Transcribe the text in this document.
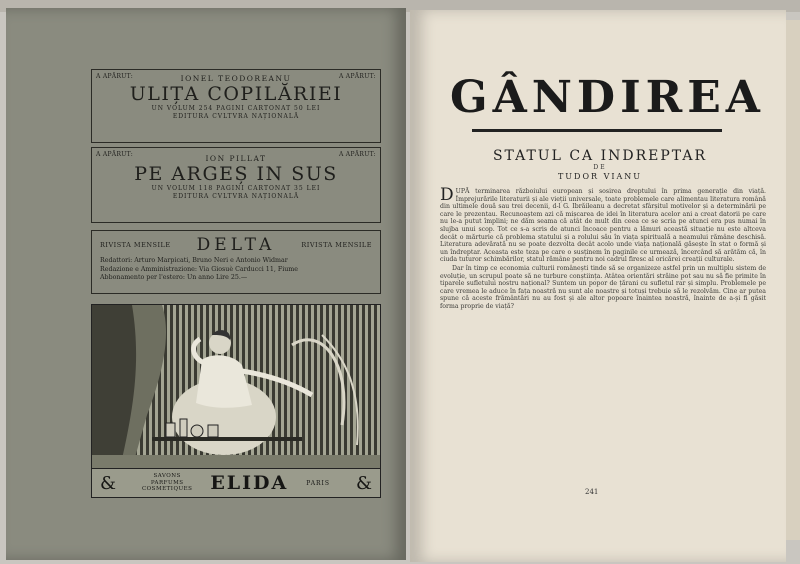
A APĂRUT:	A APĂRUT:
IONEL TEODOREANU
ULIȚA COPILĂRIEI
UN VOLUM 254 PAGINI CARTONAT 50 LEI
EDITURA CVLTVRA NAȚIONALĂ
A APĂRUT:	A APĂRUT:
ION PILLAT
PE ARGEȘ IN SUS
UN VOLUM 118 PAGINI CARTONAT 35 LEI
EDITURA CVLTVRA NAȚIONALĂ
RIVISTA MENSILE DELTA	RIVISTA MENSILE
Redattori: Arturo Marpicati, Bruno Neri e Antonio Widmar
Redazione e Amministrazione: Via Giosuè Carducci 11, Fiume
Abbonamento per l'estero: Un anno Lire 25.—
&	SAVONS
PARFUMS
COSMETIQUES ELIDA	PARIS	&
GÂNDIREA
STATUL CA INDREPTAR
DE
TUDOR VIANU

DUPĂ terminarea războiului european și sosirea dreptului în prima generație din viață. Împrejurările literaturii și ale vieții universale, toate problemele care alimentau literatura română din ultimele două sau trei decenii, d-l G. Ibrăileanu a decretat sfârșitul motivelor și a determinării pe care le prezentau. Recunoaștem azi că mișcarea de idei în literatura acelor ani a creat datorii pe care nu le-a putut împlini; ne dăm seama că atât de mult din ceea ce se scria pe atunci era pus numai în slujba unui scop. Tot ce s-a scris de atunci încoace pentru a lămuri această situație nu este altceva decât o mărturie că problema statului și a rolului său în viața spirituală a neamului rămâne deschisă. Literatura adevărată nu se poate dezvolta decât acolo unde viața națională găsește în stat o formă și un îndreptar. Aceasta este teza pe care o susținem în paginile ce urmează, încercând să arătăm că, în ciuda tuturor schimbărilor, statul rămâne pentru noi cadrul firesc al oricărei creații culturale.

Dar în timp ce economia culturii românești tinde să se organizeze astfel prin un multiplu sistem de evoluție, un scrupul poate să ne turbure conștiința. Atâtea orientări străine pot sau nu să fie primite în tiparele sufletului nostru național? Suntem un popor de țărani cu sufletul rar și simplu. Problemele pe care vremea le aduce în fața noastră nu sunt ale noastre și totuși trebuie să le rezolvăm. Cine ar putea spune că aceste frământări nu au fost și ale altor popoare înaintea noastră, înainte de a-și fi găsit forma proprie de viață?

241
